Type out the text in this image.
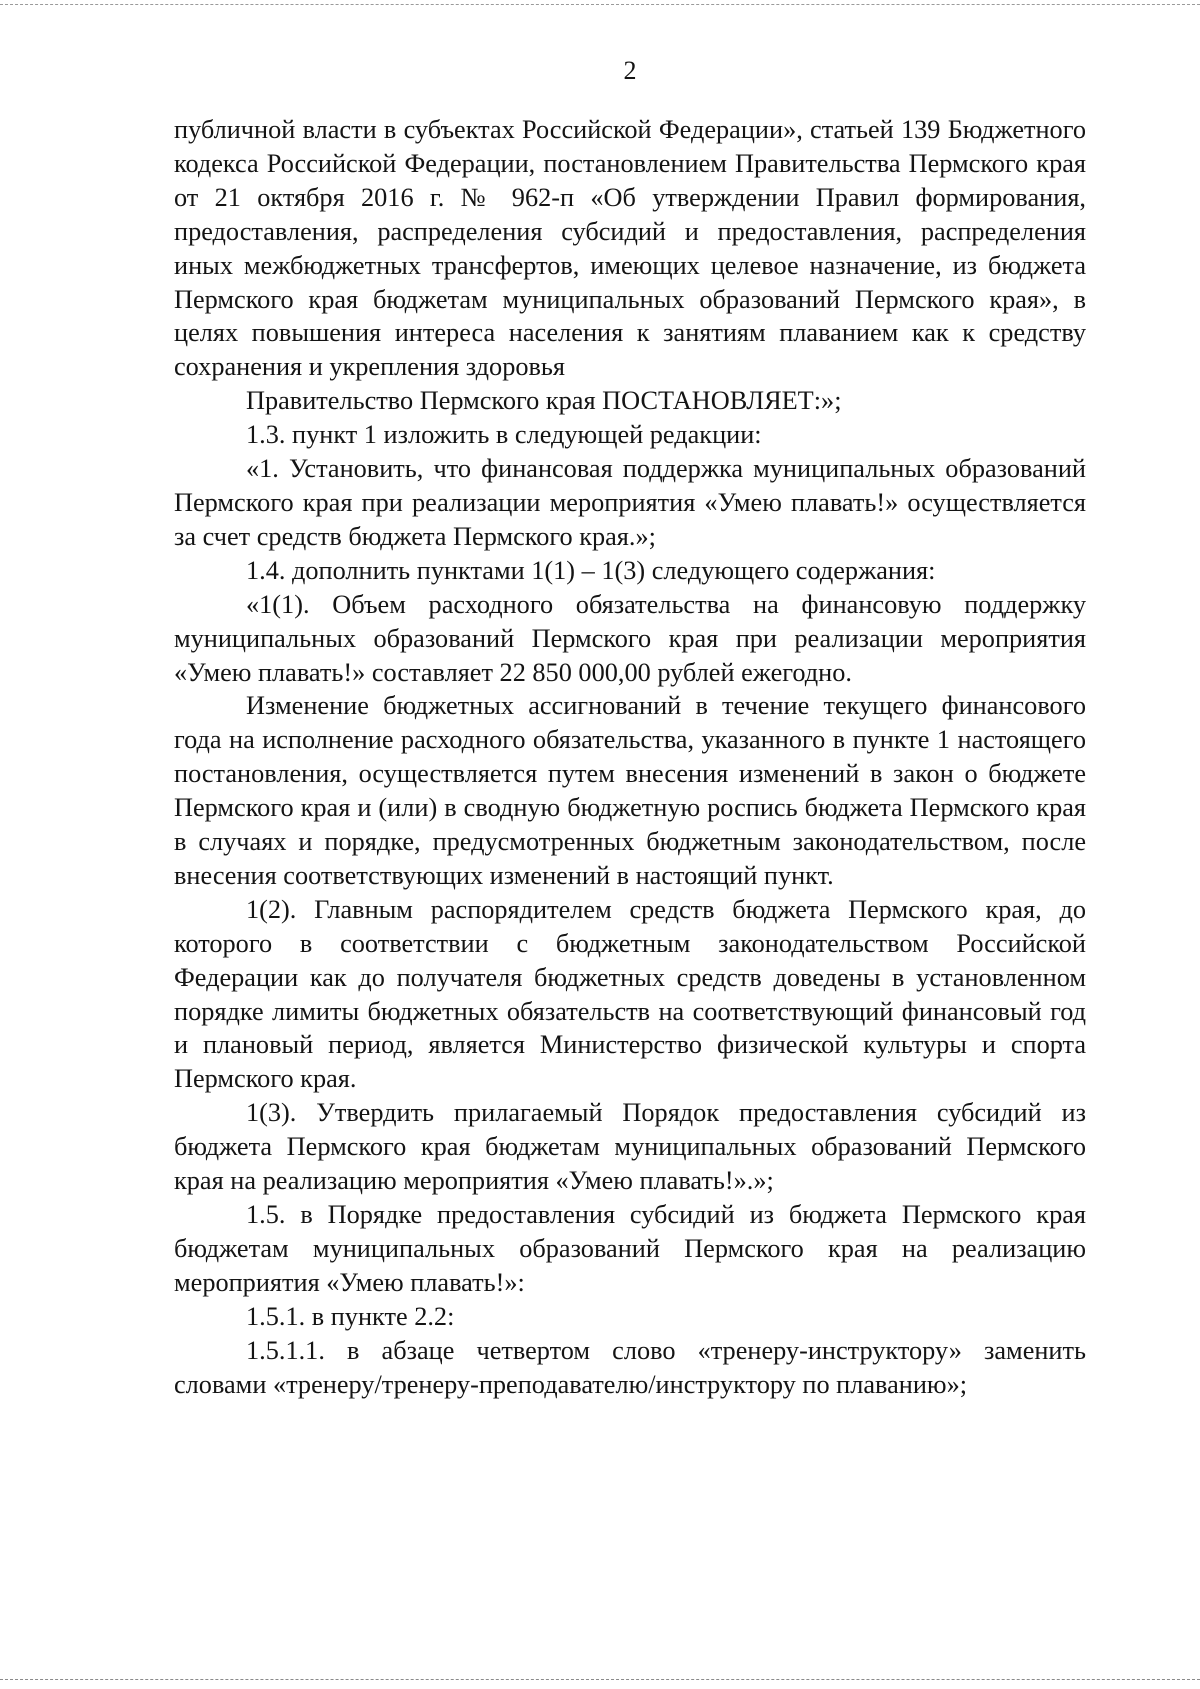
2

публичной власти в субъектах Российской Федерации», статьей 139 Бюджетного кодекса Российской Федерации, постановлением Правительства Пермского края от 21 октября 2016 г. № 962-п «Об утверждении Правил формирования, предоставления, распределения субсидий и предоставления, распределения иных межбюджетных трансфертов, имеющих целевое назначение, из бюджета Пермского края бюджетам муниципальных образований Пермского края», в целях повышения интереса населения к занятиям плаванием как к средству сохранения и укрепления здоровья

Правительство Пермского края ПОСТАНОВЛЯЕТ:»;

1.3. пункт 1 изложить в следующей редакции:

«1. Установить, что финансовая поддержка муниципальных образований Пермского края при реализации мероприятия «Умею плавать!» осуществляется за счет средств бюджета Пермского края.»;

1.4. дополнить пунктами 1(1) – 1(3) следующего содержания:

«1(1). Объем расходного обязательства на финансовую поддержку муниципальных образований Пермского края при реализации мероприятия «Умею плавать!» составляет 22 850 000,00 рублей ежегодно.

Изменение бюджетных ассигнований в течение текущего финансового года на исполнение расходного обязательства, указанного в пункте 1 настоящего постановления, осуществляется путем внесения изменений в закон о бюджете Пермского края и (или) в сводную бюджетную роспись бюджета Пермского края в случаях и порядке, предусмотренных бюджетным законодательством, после внесения соответствующих изменений в настоящий пункт.

1(2). Главным распорядителем средств бюджета Пермского края, до которого в соответствии с бюджетным законодательством Российской Федерации как до получателя бюджетных средств доведены в установленном порядке лимиты бюджетных обязательств на соответствующий финансовый год и плановый период, является Министерство физической культуры и спорта Пермского края.

1(3). Утвердить прилагаемый Порядок предоставления субсидий из бюджета Пермского края бюджетам муниципальных образований Пермского края на реализацию мероприятия «Умею плавать!».»;

1.5. в Порядке предоставления субсидий из бюджета Пермского края бюджетам муниципальных образований Пермского края на реализацию мероприятия «Умею плавать!»:

1.5.1. в пункте 2.2:

1.5.1.1. в абзаце четвертом слово «тренеру-инструктору» заменить словами «тренеру/тренеру-преподавателю/инструктору по плаванию»;
